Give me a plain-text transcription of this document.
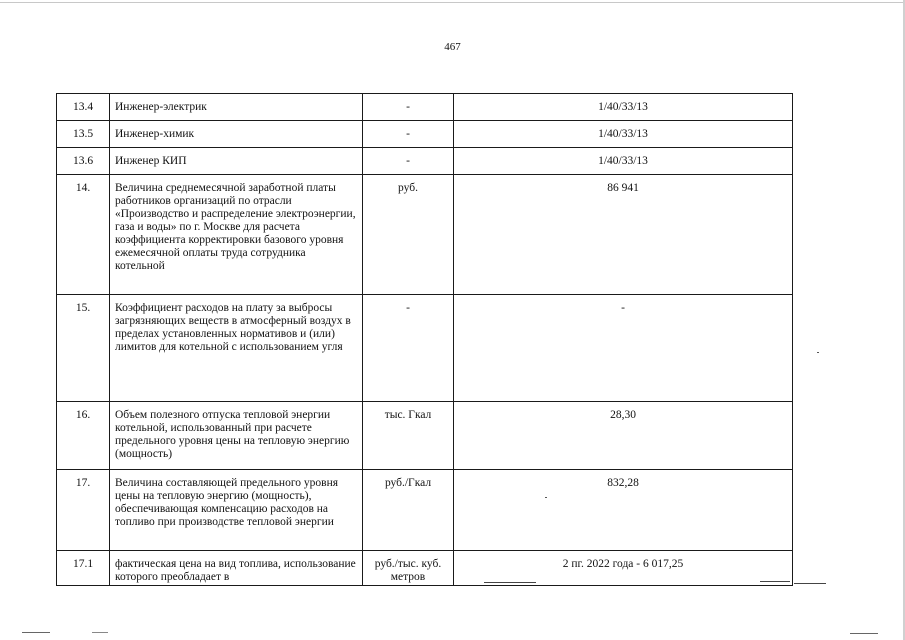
467
13.4	Инженер-электрик	-	1/40/33/13
13.5	Инженер-химик	-	1/40/33/13
13.6	Инженер КИП	-	1/40/33/13
14.	Величина среднемесячной заработной платы работников организаций по отрасли «Производство и распределение электроэнергии, газа и воды» по г. Москве для расчета коэффициента корректировки базового уровня ежемесячной оплаты труда сотрудника котельной	руб.	86 941
15.	Коэффициент расходов на плату за выбросы загрязняющих веществ в атмосферный воздух в пределах установленных нормативов и (или) лимитов для котельной с использованием угля	-	-
16.	Объем полезного отпуска тепловой энергии котельной, использованный при расчете предельного уровня цены на тепловую энергию (мощность)	тыс. Гкал	28,30
17.	Величина составляющей предельного уровня цены на тепловую энергию (мощность), обеспечивающая компенсацию расходов на топливо при производстве тепловой энергии	руб./Гкал	832,28
17.1	фактическая цена на вид топлива, использование которого преобладает в	руб./тыс. куб. метров	2 пг. 2022 года - 6 017,25
